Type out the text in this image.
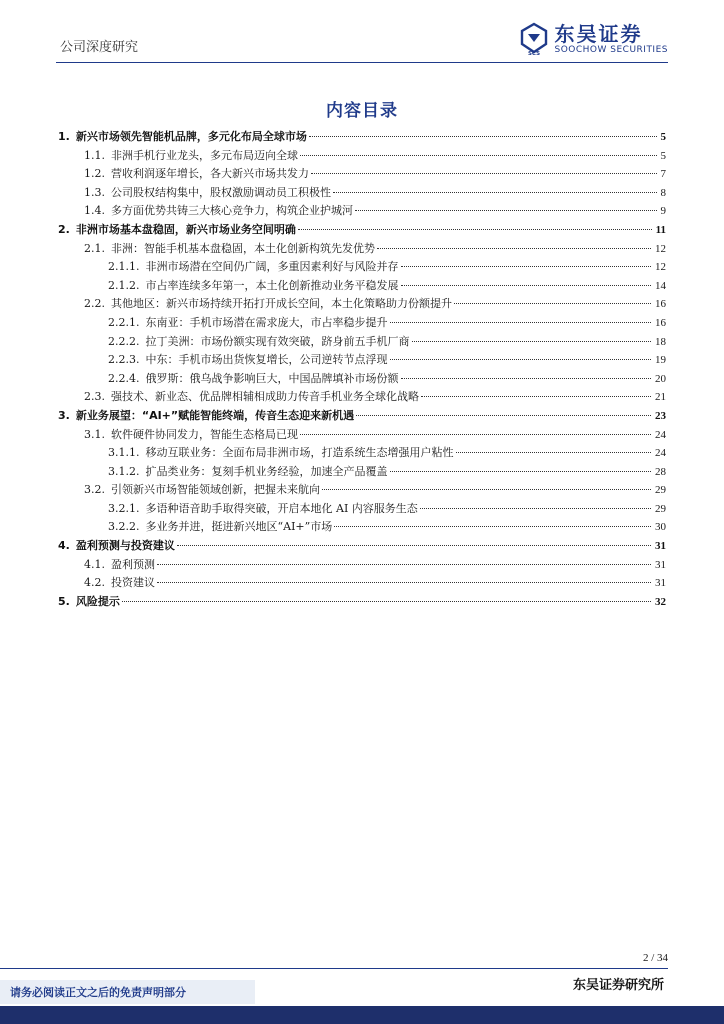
公司深度研究	SCS
东吴证券
SOOCHOW SECURITIES
内容目录
1. 新兴市场领先智能机品牌，多元化布局全球市场	5
1.1. 非洲手机行业龙头，多元布局迈向全球	5
1.2. 营收利润逐年增长，各大新兴市场共发力	7
1.3. 公司股权结构集中，股权激励调动员工积极性	8
1.4. 多方面优势共铸三大核心竞争力，构筑企业护城河	9
2. 非洲市场基本盘稳固，新兴市场业务空间明确	11
2.1. 非洲：智能手机基本盘稳固，本土化创新构筑先发优势	12
2.1.1. 非洲市场潜在空间仍广阔，多重因素利好与风险并存	12
2.1.2. 市占率连续多年第一，本土化创新推动业务平稳发展	14
2.2. 其他地区：新兴市场持续开拓打开成长空间，本土化策略助力份额提升	16
2.2.1. 东南亚：手机市场潜在需求庞大，市占率稳步提升	16
2.2.2. 拉丁美洲：市场份额实现有效突破，跻身前五手机厂商	18
2.2.3. 中东：手机市场出货恢复增长，公司逆转节点浮现	19
2.2.4. 俄罗斯：俄乌战争影响巨大，中国品牌填补市场份额	20
2.3. 强技术、新业态、优品牌相辅相成助力传音手机业务全球化战略	21
3. 新业务展望：“AI+”赋能智能终端，传音生态迎来新机遇	23
3.1. 软件硬件协同发力，智能生态格局已现	24
3.1.1. 移动互联业务：全面布局非洲市场，打造系统生态增强用户粘性	24
3.1.2. 扩品类业务：复刻手机业务经验，加速全产品覆盖	28
3.2. 引领新兴市场智能领域创新，把握未来航向	29
3.2.1. 多语种语音助手取得突破，开启本地化 AI 内容服务生态	29
3.2.2. 多业务并进，挺进新兴地区“AI+”市场	30
4. 盈利预测与投资建议	31
4.1. 盈利预测	31
4.2. 投资建议	31
5. 风险提示	32
2 / 34
东吴证券研究所
请务必阅读正文之后的免责声明部分
